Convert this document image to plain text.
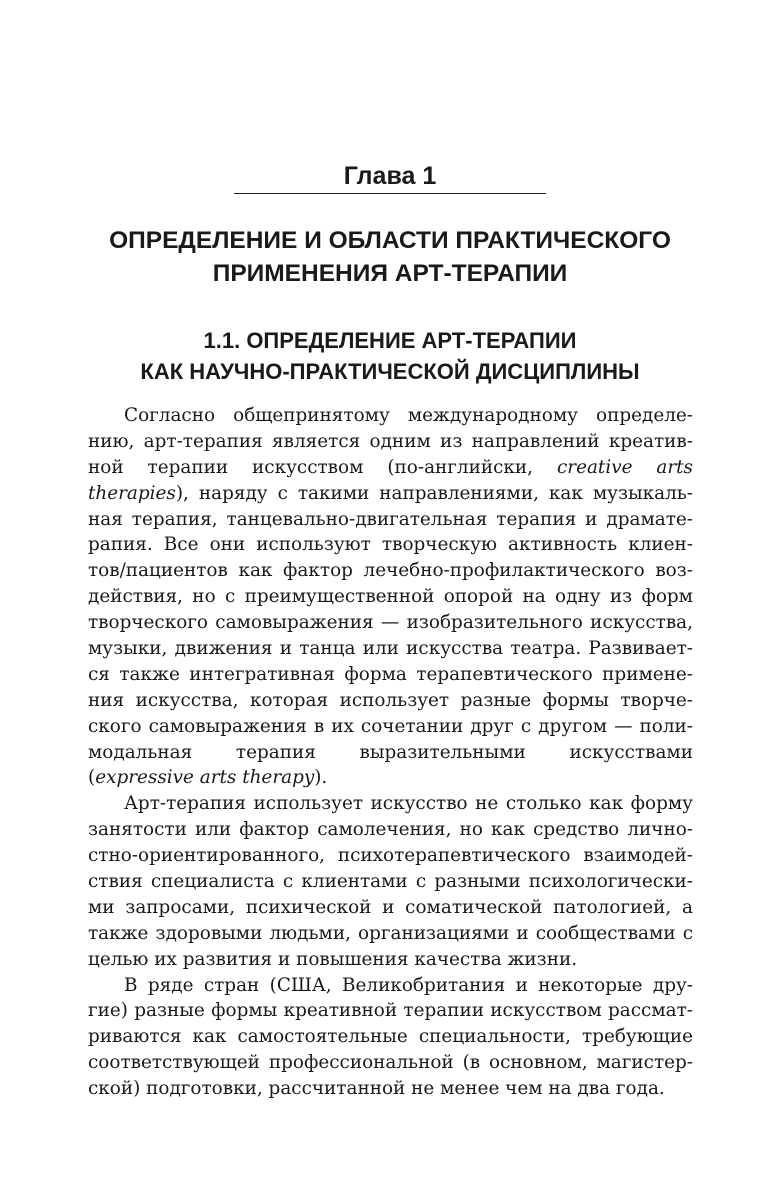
Глава 1
ОПРЕДЕЛЕНИЕ И ОБЛАСТИ ПРАКТИЧЕСКОГО
ПРИМЕНЕНИЯ АРТ-ТЕРАПИИ
1.1. ОПРЕДЕЛЕНИЕ АРТ-ТЕРАПИИ
КАК НАУЧНО-ПРАКТИЧЕСКОЙ ДИСЦИПЛИНЫ

Согласно общепринятому международному определе-
нию, арт-терапия является одним из направлений креатив-
ной терапии искусством (по-английски, creative arts
therapies), наряду с такими направлениями, как музыкаль-
ная терапия, танцевально-двигательная терапия и драмате-
рапия. Все они используют творческую активность клиен-
тов/пациентов как фактор лечебно-профилактического воз-
действия, но с преимущественной опорой на одну из форм
творческого самовыражения — изобразительного искусства,
музыки, движения и танца или искусства театра. Развивает-
ся также интегративная форма терапевтического примене-
ния искусства, которая использует разные формы творче-
ского самовыражения в их сочетании друг с другом — поли-
модальная терапия выразительными искусствами
(expressive arts therapy).

Арт-терапия использует искусство не столько как форму
занятости или фактор самолечения, но как средство лично-
стно-ориентированного, психотерапевтического взаимодей-
ствия специалиста с клиентами с разными психологически-
ми запросами, психической и соматической патологией, а
также здоровыми людьми, организациями и сообществами с
целью их развития и повышения качества жизни.

В ряде стран (США, Великобритания и некоторые дру-
гие) разные формы креативной терапии искусством рассмат-
риваются как самостоятельные специальности, требующие
соответствующей профессиональной (в основном, магистер-
ской) подготовки, рассчитанной не менее чем на два года.
